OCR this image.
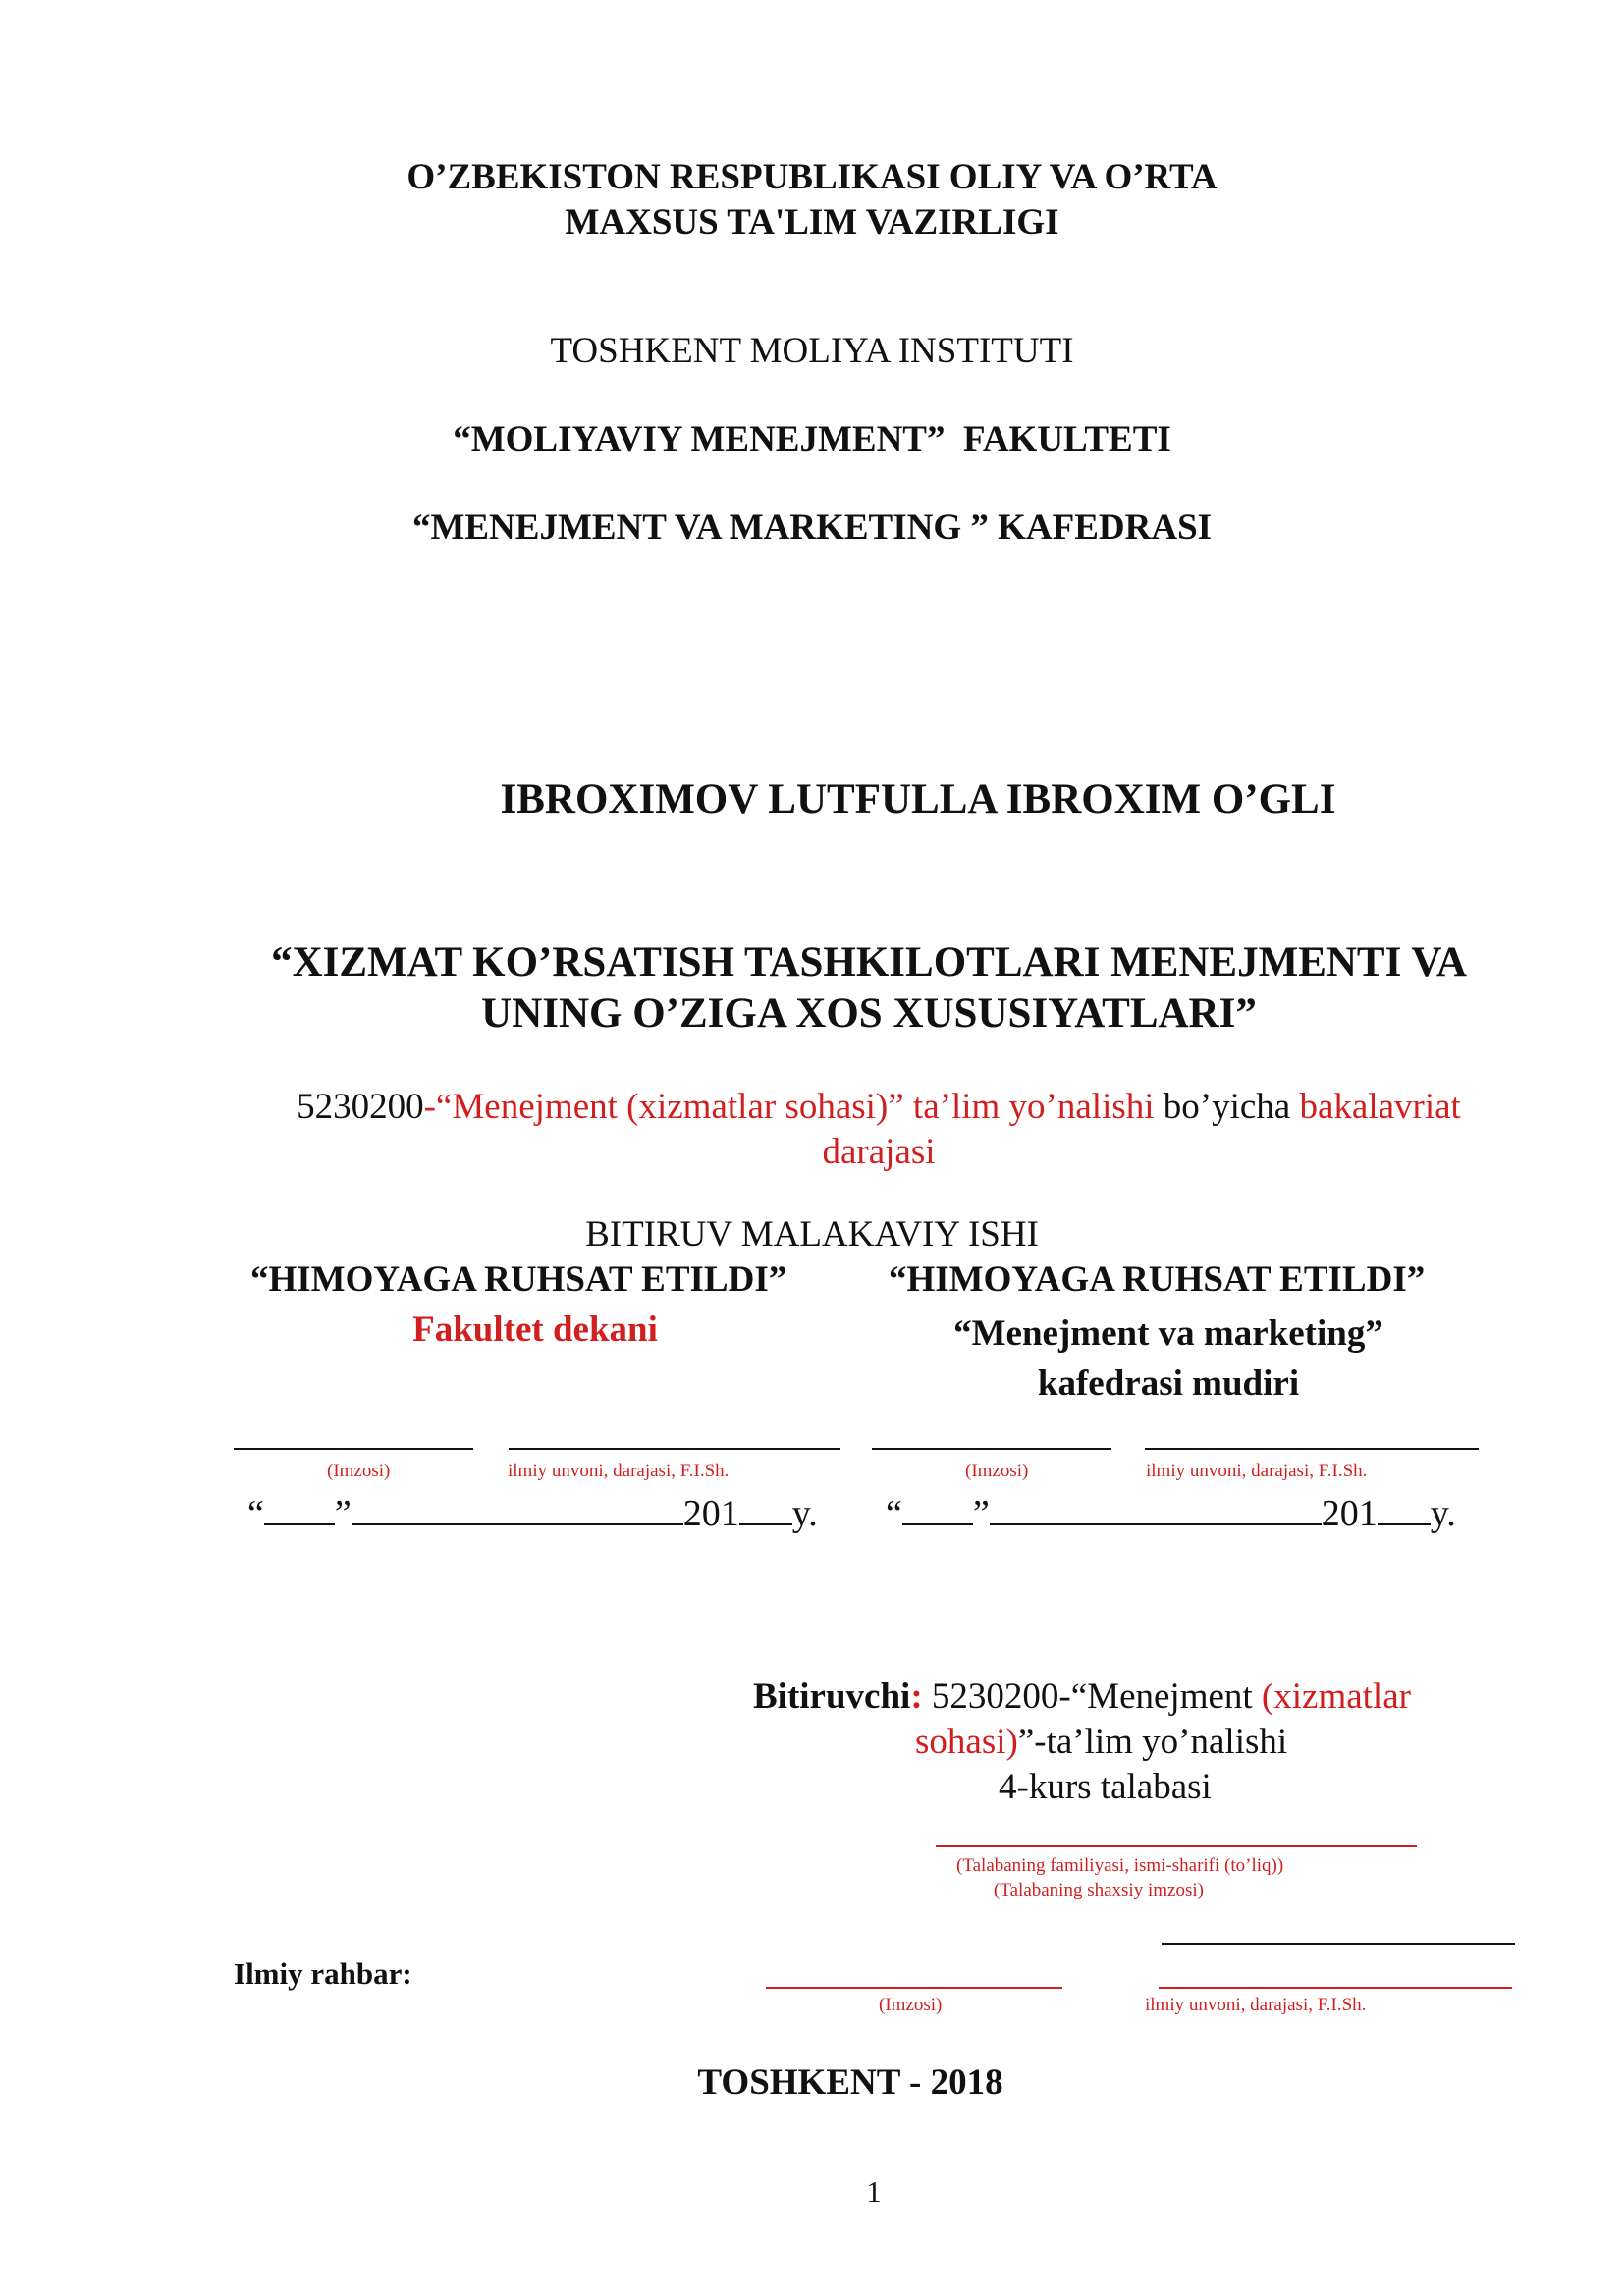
O’ZBEKISTON RESPUBLIKASI OLIY VA O’RTA
MAXSUS TA'LIM VAZIRLIGI
TOSHKENT MOLIYA INSTITUTI
“MOLIYAVIY MENEJMENT”  FAKULTETI
“MENEJMENT VA MARKETING ” KAFEDRASI
IBROXIMOV LUTFULLA IBROXIM O’GLI
“XIZMAT KO’RSATISH TASHKILOTLARI MENEJMENTI VA
UNING O’ZIGA XOS XUSUSIYATLARI”
5230200-“Menejment (xizmatlar sohasi)” ta’lim yo’nalishi bo’yicha bakalavriat
darajasi
BITIRUV MALAKAVIY ISHI
“HIMOYAGA RUHSAT ETILDI”
Fakultet dekani
“HIMOYAGA RUHSAT ETILDI”
“Menejment va marketing”
kafedrasi mudiri
(Imzosi)	ilmiy unvoni, darajasi, F.I.Sh.	(Imzosi)	ilmiy unvoni, darajasi, F.I.Sh.
“ ”	201 y. “ ”	201 y.
Bitiruvchi: 5230200-“Menejment (xizmatlar
sohasi)”-ta’lim yo’nalishi
4-kurs talabasi
(Talabaning familiyasi, ismi-sharifi (to’liq))
(Talabaning shaxsiy imzosi)
Ilmiy rahbar:
(Imzosi)	ilmiy unvoni, darajasi, F.I.Sh.
TOSHKENT - 2018
1
